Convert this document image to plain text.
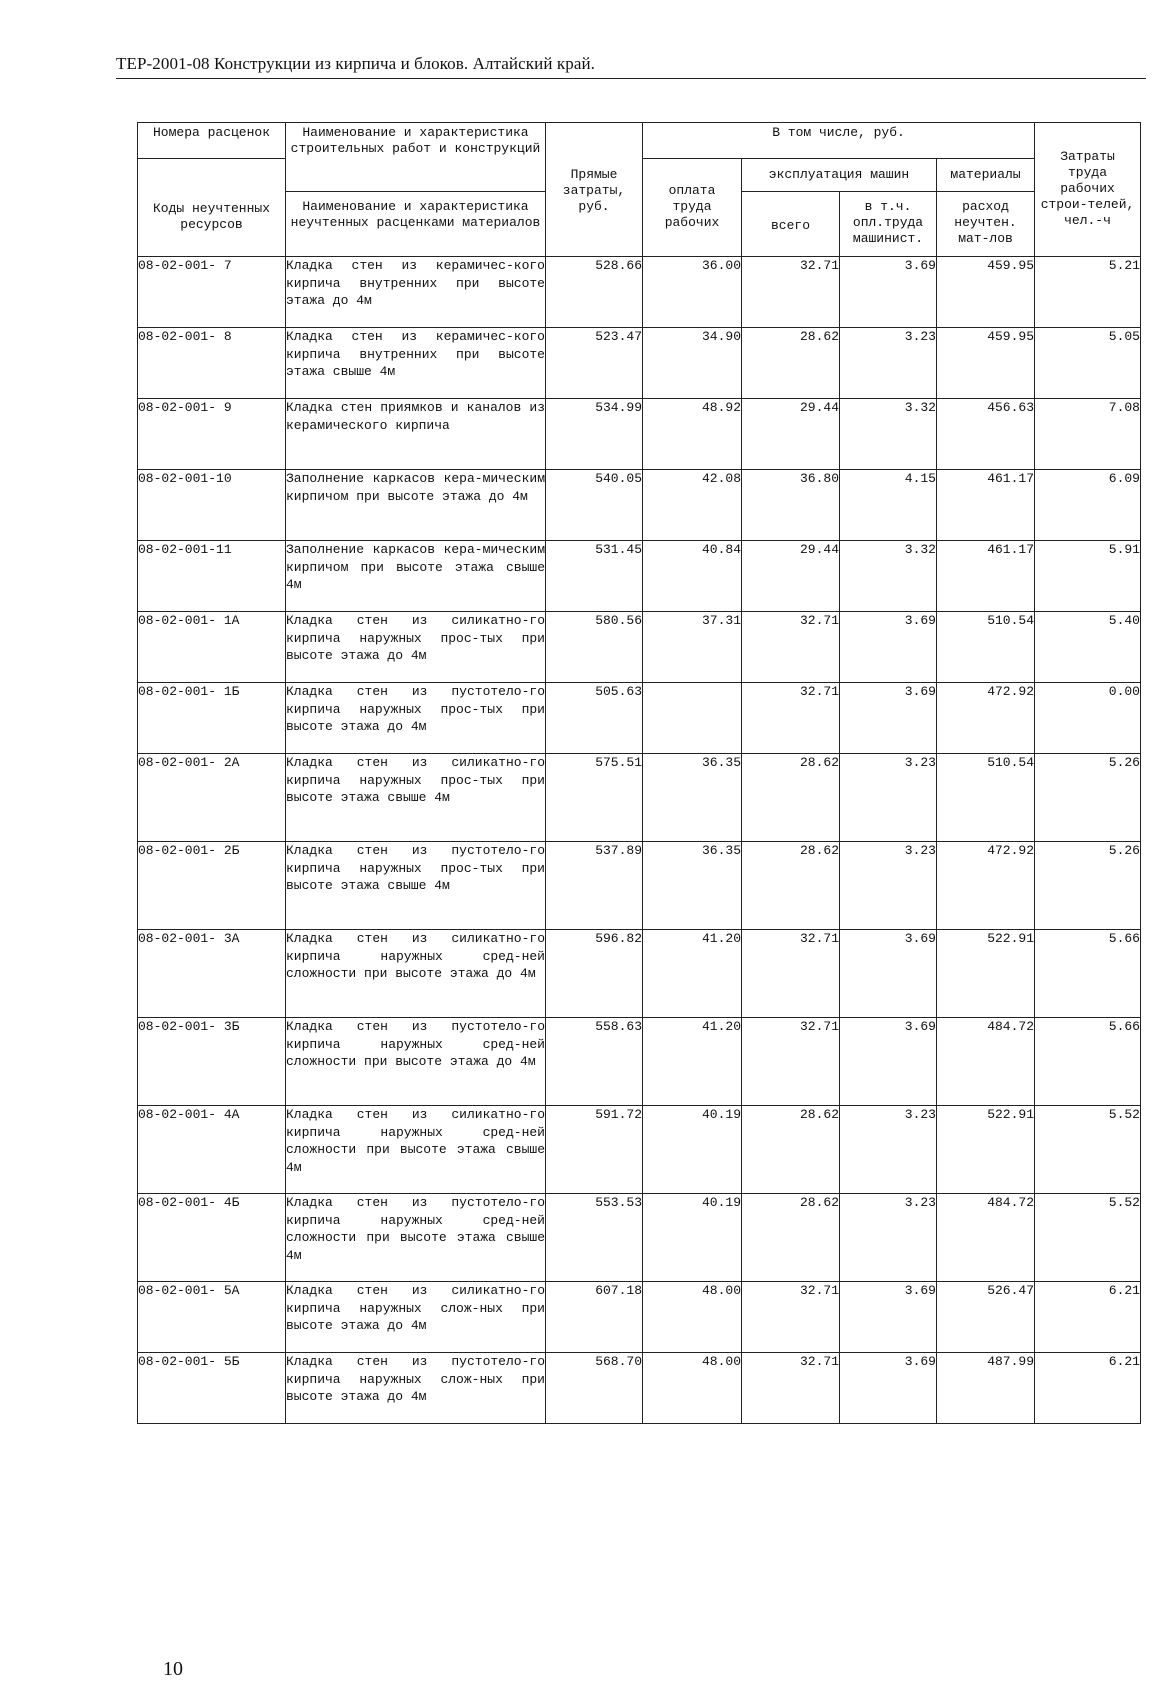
ТЕР-2001-08 Конструкции из кирпича и блоков. Алтайский край.
Номера расценок	Наименование и характеристика строительных работ и конструкций	Прямые затраты, руб.	В том числе, руб.				Затраты труда рабочих строи-телей, чел.-ч
Коды неучтенных ресурсов			оплата труда рабочих	эксплуатация машин		материалы	
	Наименование и характеристика неучтенных расценками материалов			всего	в т.ч. опл.труда машинист.	расход неучтен. мат-лов	

08-02-001- 7	Кладка стен из керамичес-кого кирпича внутренних при высоте этажа до 4м	528.66	36.00	32.71	3.69	459.95	5.21
08-02-001- 8	Кладка стен из керамичес-кого кирпича внутренних при высоте этажа свыше 4м	523.47	34.90	28.62	3.23	459.95	5.05
08-02-001- 9	Кладка стен приямков и каналов из керамического кирпича	534.99	48.92	29.44	3.32	456.63	7.08
08-02-001-10	Заполнение каркасов кера-мическим кирпичом при высоте этажа до 4м	540.05	42.08	36.80	4.15	461.17	6.09
08-02-001-11	Заполнение каркасов кера-мическим кирпичом при высоте этажа свыше 4м	531.45	40.84	29.44	3.32	461.17	5.91
08-02-001- 1А	Кладка стен из силикатно-го кирпича наружных прос-тых при высоте этажа до 4м	580.56	37.31	32.71	3.69	510.54	5.40
08-02-001- 1Б	Кладка стен из пустотело-го кирпича наружных прос-тых при высоте этажа до 4м	505.63		32.71	3.69	472.92	0.00
08-02-001- 2А	Кладка стен из силикатно-го кирпича наружных прос-тых при высоте этажа свыше 4м	575.51	36.35	28.62	3.23	510.54	5.26
08-02-001- 2Б	Кладка стен из пустотело-го кирпича наружных прос-тых при высоте этажа свыше 4м	537.89	36.35	28.62	3.23	472.92	5.26
08-02-001- 3А	Кладка стен из силикатно-го кирпича наружных сред-ней сложности при высоте этажа до 4м	596.82	41.20	32.71	3.69	522.91	5.66
08-02-001- 3Б	Кладка стен из пустотело-го кирпича наружных сред-ней сложности при высоте этажа до 4м	558.63	41.20	32.71	3.69	484.72	5.66
08-02-001- 4А	Кладка стен из силикатно-го кирпича наружных сред-ней сложности при высоте этажа свыше 4м	591.72	40.19	28.62	3.23	522.91	5.52
08-02-001- 4Б	Кладка стен из пустотело-го кирпича наружных сред-ней сложности при высоте этажа свыше 4м	553.53	40.19	28.62	3.23	484.72	5.52
08-02-001- 5А	Кладка стен из силикатно-го кирпича наружных слож-ных при высоте этажа до 4м	607.18	48.00	32.71	3.69	526.47	6.21
08-02-001- 5Б	Кладка стен из пустотело-го кирпича наружных слож-ных при высоте этажа до 4м	568.70	48.00	32.71	3.69	487.99	6.21
10
